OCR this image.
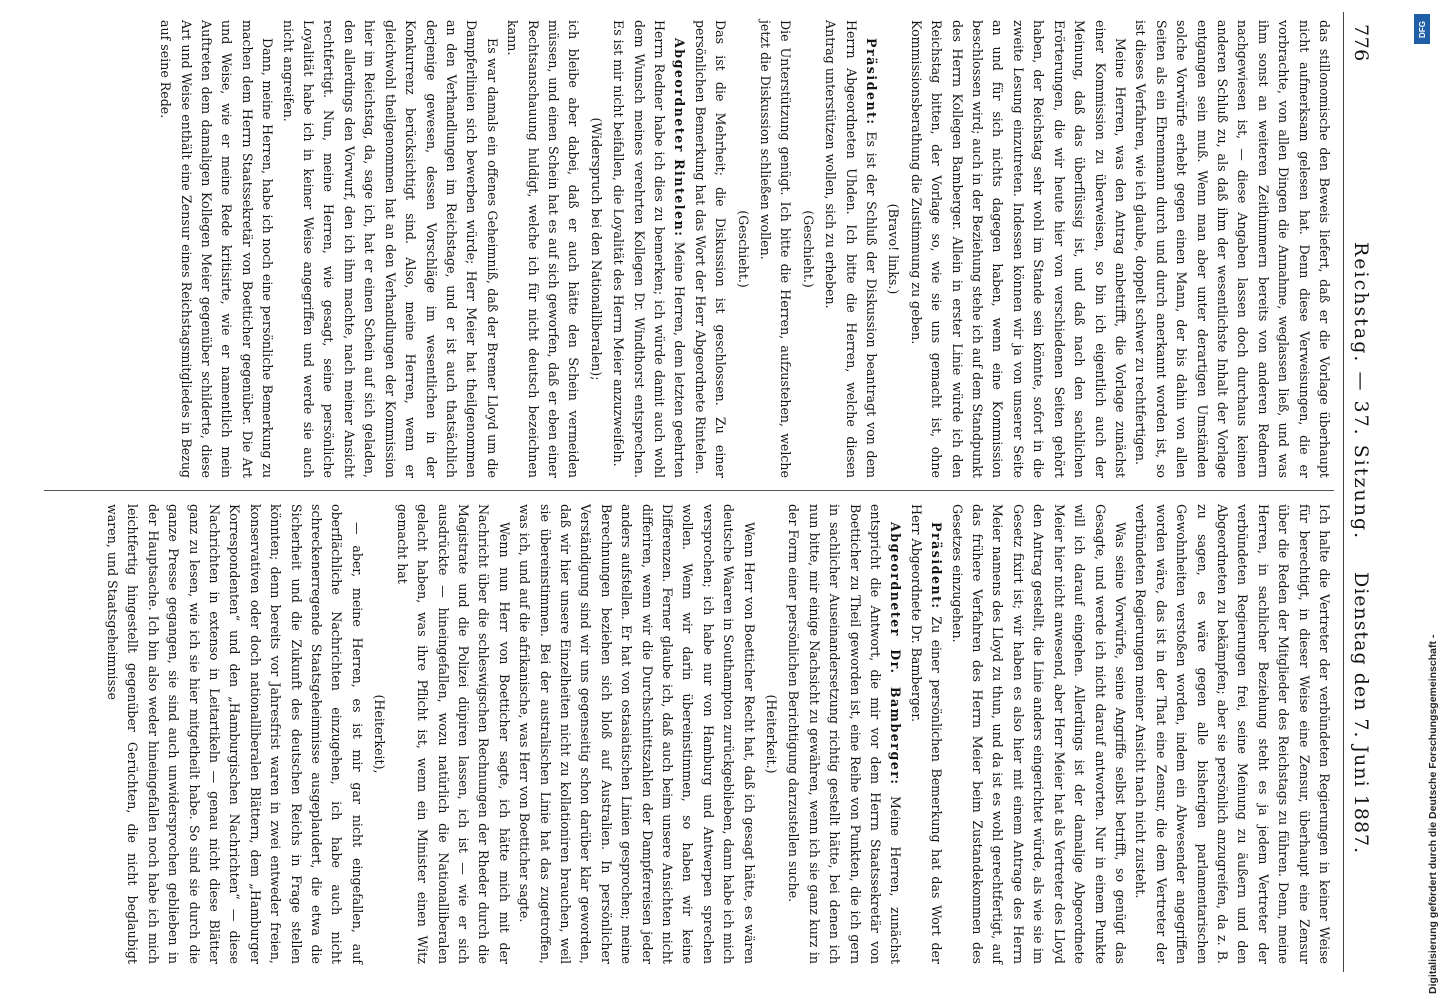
776
Reichstag. — 37. Sitzung.
Dienstag den 7. Juni 1887.

das stillonomische den Beweis liefert, daß er die Vorlage überhaupt nicht aufmerksam gelesen hat. Denn diese Verweisungen, die er vorbrachte, von allen Dingen die Annahme, weglassen ließ, und was ihm sonst an weiteren Zeithimmern bereits von anderen Rednern nachgewiesen ist, — diese Angaben lassen doch durchaus keinen anderen Schluß zu, als daß ihm der wesentlichste Inhalt der Vorlage entgangen sein muß. Wenn man aber unter derartigen Umständen solche Vorwürfe erhebt gegen einen Mann, der bis dahin von allen Seiten als ein Ehrenmann durch und durch anerkannt worden ist, so ist dieses Verfahren, wie ich glaube, doppelt schwer zu rechtfertigen.

Meine Herren, was den Antrag anbetrifft, die Vorlage zunächst einer Kommission zu überweisen, so bin ich eigentlich auch der Meinung, daß das überflüssig ist, und daß nach den sachlichen Erörterungen, die wir heute hier von verschiedenen Seiten gehört haben, der Reichstag sehr wohl im Stande sein könnte, sofort in die zweite Lesung einzutreten. Indessen können wir ja von unserer Seite an und für sich nichts dagegen haben, wenn eine Kommission beschlossen wird; auch in der Beziehung stehe ich auf dem Standpunkt des Herrn Kollegen Bamberger. Allein in erster Linie würde ich den Reichstag bitten, der Vorlage so, wie sie uns gemacht ist, ohne Kommissionsberathung die Zustimmung zu geben.

(Bravo! links.)

Präsident: Es ist der Schluß der Diskussion beantragt von dem Herrn Abgeordneten Uhden. Ich bitte die Herren, welche diesen Antrag unterstützen wollen, sich zu erheben.

(Geschieht.)

Die Unterstützung genügt. Ich bitte die Herren, aufzustehen, welche jetzt die Diskussion schließen wollen.

(Geschieht.)

Das ist die Mehrheit; die Diskussion ist geschlossen. Zu einer persönlichen Bemerkung hat das Wort der Herr Abgeordnete Rintelen.

Abgeordneter Rintelen: Meine Herren, dem letzten geehrten Herrn Redner habe ich dies zu bemerken; ich würde damit auch wohl dem Wunsch meines verehrten Kollegen Dr. Windthorst entsprechen. Es ist mir nicht beifallen, die Loyalität des Herrn Meier anzuzweifeln.

(Widerspruch bei den Nationalliberalen);

ich bleibe aber dabei, daß er auch hätte den Schein vermeiden müssen, und einen Schein hat es auf sich geworfen, daß er eben einer Rechtsanschauung huldigt, welche ich für nicht deutsch bezeichnen kann.

Es war damals ein offenes Geheimniß, daß der Bremer Lloyd um die Dampferlinien sich bewerben würde; Herr Meier hat theilgenommen an den Verhandlungen im Reichstage, und er ist auch thatsächlich derjenige gewesen, dessen Vorschläge im wesentlichen in der Konkurrenz berücksichtigt sind. Also, meine Herren, wenn er gleichwohl theilgenommen hat an den Verhandlungen der Kommission hier im Reichstag, da, sage ich, hat er einen Schein auf sich geladen, den allerdings den Vorwurf, den ich ihm machte, nach meiner Ansicht rechtfertigt. Nun, meine Herren, wie gesagt, seine persönliche Loyalität habe ich in keiner Weise angegriffen und werde sie auch nicht angreifen.

Dann, meine Herren, habe ich noch eine persönliche Bemerkung zu machen dem Herrn Staatssekretär von Boetticher gegenüber. Die Art und Weise, wie er meine Rede kritisirte, wie er namentlich mein Auftreten dem damaligen Kollegen Meier gegenüber schilderte, diese Art und Weise enthält eine Zensur eines Reichstagsmitgliedes in Bezug auf seine Rede.

Ich halte die Vertreter der verbündeten Regierungen in keiner Weise für berechtigt, in dieser Weise eine Zensur, überhaupt eine Zensur über die Reden der Mitglieder des Reichstags zu führen. Denn, meine Herren, in sachlicher Beziehung steht es ja jedem Vertreter der verbündeten Regierungen frei, seine Meinung zu äußern und den Abgeordneten zu bekämpfen; aber sie persönlich anzugreifen, da z. B. zu sagen, es wäre gegen alle bisherigen parlamentarischen Gewohnheiten verstoßen worden, indem ein Abwesender angegriffen worden wäre, das ist in der That eine Zensur, die dem Vertreter der verbündeten Regierungen meiner Ansicht nach nicht zusteht.

Was seine Vorwürfe, seine Angriffe selbst betrifft, so genügt das Gesagte, und werde ich nicht darauf antworten. Nur in einem Punkte will ich darauf eingehen. Allerdings ist der damalige Abgeordnete Meier hier nicht anwesend, aber Herr Meier hat als Vertreter des Lloyd den Antrag gestellt, die Linie anders eingerichtet würde, als wie sie im Gesetz fixirt ist; wir haben es also hier mit einem Antrage des Herrn Meier namens des Lloyd zu thun, und da ist es wohl gerechtfertigt, auf das frühere Verfahren des Herrn Meier beim Zustandekommen des Gesetzes einzugehen.

Präsident: Zu einer persönlichen Bemerkung hat das Wort der Herr Abgeordnete Dr. Bamberger.

Abgeordneter Dr. Bamberger: Meine Herren, zunächst entspricht die Antwort, die mir vor dem Herrn Staatssekretär von Boetticher zu Theil geworden ist, eine Reihe von Punkten, die ich gern in sachlicher Auseinandersetzung richtig gestellt hätte, bei denen ich nun bitte, mir einige Nachsicht zu gewähren, wenn ich sie ganz kurz in der Form einer persönlichen Berichtigung darzustellen suche.

(Heiterkeit.)

Wenn Herr von Boetticher Recht hat, daß ich gesagt hätte, es wären deutsche Waaren in Southampton zurückgeblieben, dann habe ich mich versprochen; ich habe nur von Hamburg und Antwerpen sprechen wollen. Wenn wir darin übereinstimmen, so haben wir keine Differenzen. Ferner glaube ich, daß auch beim unsere Ansichten nicht differiren, wenn wir die Durchschnittszahlen der Dampferreisen jeder anders aufstellen. Er hat von ostasiatischen Linien gesprochen; meine Berechnungen beziehen sich bloß auf Australien. In persönlicher Verständigung sind wir uns gegenseitig schon darüber klar geworden, daß wir hier unsere Einzelheiten nicht zu kollationiren brauchen, weil sie übereinstimmen. Bei der australischen Linie hat das zugetroffen, was ich, und auf die afrikanische, was Herr von Boetticher sagte.

Wenn nun Herr von Boetticher sagte, ich hätte mich mit der Nachricht über die schleswigschen Rechnungen der Rheder durch die Magistrate und die Polizei düpiren lassen, ich ist — wie er sich ausdrückte — hineingefallen, wozu natürlich die Nationalliberalen gelacht haben, was ihre Pflicht ist, wenn ein Minister einen Witz gemacht hat

(Heiterkeit),

— aber, meine Herren, es ist mir gar nicht eingefallen, auf oberflächliche Nachrichten einzugehen, ich habe auch nicht schreckenerregende Staatsgeheimnisse ausgeplaudert, die etwa die Sicherheit und die Zukunft des deutschen Reichs in Frage stellen könnten; denn bereits vor Jahresfrist waren in zwei entweder freien, konservativen oder doch nationalliberalen Blättern, dem „Hamburger Korrespondenten“ und den „Hamburgischen Nachrichten“ — diese Nachrichten in extenso in Leitartikeln — genau nicht diese Blätter ganz zu lesen, wie ich sie hier mitgetheilt habe. So sind sie durch die ganze Presse gegangen, sie sind auch unwidersprochen geblieben in der Hauptsache. Ich bin also weder hineingefallen noch habe ich mich leichtfertig hingestellt gegenüber Gerüchten, die nicht beglaubigt waren, und Staatsgeheimnisse

Digitalisierung gefördert durch die Deutsche Forschungsgemeinschaft -
DFG
